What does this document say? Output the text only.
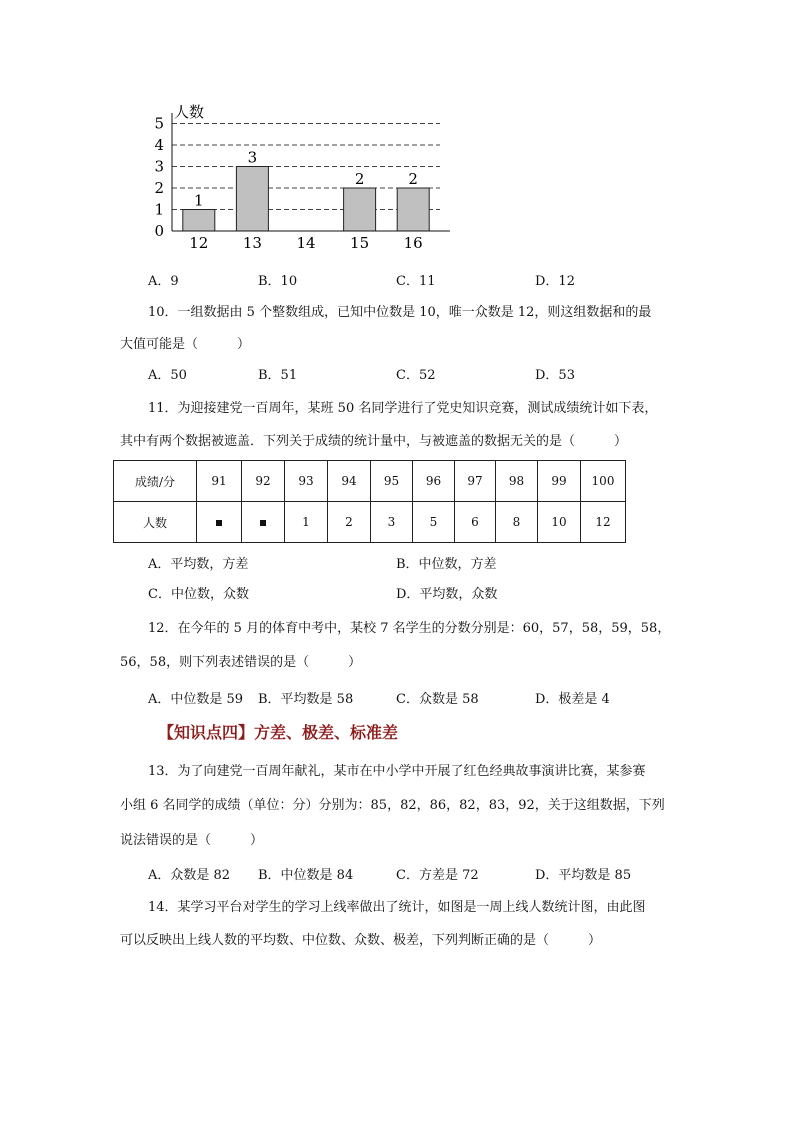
1
3
2	2
0
1
2
3
4
5
12 13 14 15 16
人数
A．9	B．10	C．11	D．12
10．一组数据由 5 个整数组成，已知中位数是 10，唯一众数是 12，则这组数据和的最
大值可能是（　　　）
A．50	B．51	C．52	D．53
11．为迎接建党一百周年，某班 50 名同学进行了党史知识竞赛，测试成绩统计如下表，
其中有两个数据被遮盖．下列关于成绩的统计量中，与被遮盖的数据无关的是（　　　）
成绩/分	91	92	93	94	95	96	97	98	99	100
人数			1	2	3	5	6	8	10	12
A．平均数，方差	B．中位数，方差
C．中位数，众数	D．平均数，众数
12．在今年的 5 月的体育中考中，某校 7 名学生的分数分别是：60，57，58，59，58，
56，58，则下列表述错误的是（　　　）
A．中位数是 59 B．平均数是 58	C．众数是 58	D．极差是 4
【知识点四】方差、极差、标准差
13．为了向建党一百周年献礼，某市在中小学中开展了红色经典故事演讲比赛，某参赛
小组 6 名同学的成绩（单位：分）分别为：85，82，86，82，83，92，关于这组数据，下列
说法错误的是（　　　）
A．众数是 82 B．中位数是 84	C．方差是 72	D．平均数是 85
14．某学习平台对学生的学习上线率做出了统计，如图是一周上线人数统计图，由此图
可以反映出上线人数的平均数、中位数、众数、极差，下列判断正确的是（　　　）
